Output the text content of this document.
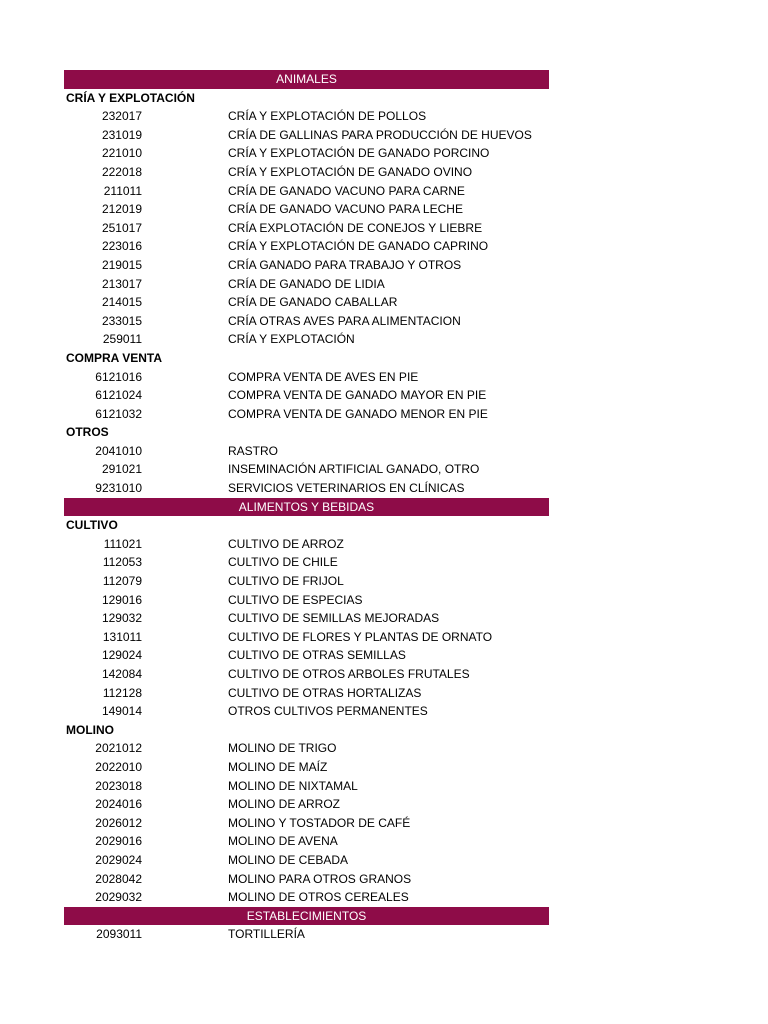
ANIMALES
CRÍA Y EXPLOTACIÓN
232017	CRÍA Y EXPLOTACIÓN DE POLLOS
231019	CRÍA DE GALLINAS PARA PRODUCCIÓN DE HUEVOS
221010	CRÍA Y EXPLOTACIÓN DE GANADO PORCINO
222018	CRÍA Y EXPLOTACIÓN DE GANADO OVINO
211011	CRÍA DE GANADO VACUNO PARA CARNE
212019	CRÍA DE GANADO VACUNO PARA LECHE
251017	CRÍA EXPLOTACIÓN DE CONEJOS Y LIEBRE
223016	CRÍA Y EXPLOTACIÓN DE GANADO CAPRINO
219015	CRÍA GANADO PARA TRABAJO Y OTROS
213017	CRÍA DE GANADO DE LIDIA
214015	CRÍA DE GANADO CABALLAR
233015	CRÍA OTRAS AVES PARA ALIMENTACION
259011	CRÍA Y EXPLOTACIÓN
COMPRA VENTA
6121016	COMPRA VENTA DE AVES EN PIE
6121024	COMPRA VENTA DE GANADO MAYOR EN PIE
6121032	COMPRA VENTA DE GANADO MENOR EN PIE
OTROS
2041010	RASTRO
291021	INSEMINACIÓN ARTIFICIAL GANADO, OTRO
9231010	SERVICIOS VETERINARIOS EN CLÍNICAS
ALIMENTOS Y BEBIDAS
CULTIVO
111021	CULTIVO DE ARROZ
112053	CULTIVO DE CHILE
112079	CULTIVO DE FRIJOL
129016	CULTIVO DE ESPECIAS
129032	CULTIVO DE SEMILLAS MEJORADAS
131011	CULTIVO DE FLORES Y PLANTAS DE ORNATO
129024	CULTIVO DE OTRAS SEMILLAS
142084	CULTIVO DE OTROS ARBOLES FRUTALES
112128	CULTIVO DE OTRAS HORTALIZAS
149014	OTROS CULTIVOS PERMANENTES
MOLINO
2021012	MOLINO DE TRIGO
2022010	MOLINO DE MAÍZ
2023018	MOLINO DE NIXTAMAL
2024016	MOLINO DE ARROZ
2026012	MOLINO Y TOSTADOR DE CAFÉ
2029016	MOLINO DE AVENA
2029024	MOLINO DE CEBADA
2028042	MOLINO PARA OTROS GRANOS
2029032	MOLINO DE OTROS CEREALES
ESTABLECIMIENTOS
2093011	TORTILLERÍA
